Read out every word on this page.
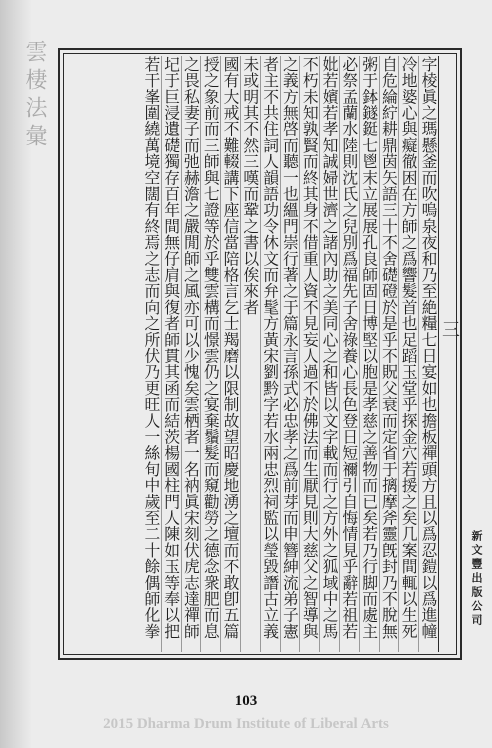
雲棲法彙	字棱眞之瑪懸釜而吹嗚泉夜和乃至絶糧七日宴如也擔板禪頭方且以爲忍鎧以爲進幢
冷地婆心與癡徹困在方師之爲響髮首也足蹈玉堂乎探金穴若援之矣几案間輒以生死
自危綸紵耕鼎茵矢語三十不舍礎磴於是乎不貺父衰而定省于摛摩斧靈旣封乃不脫無
粥于鉢鐩鋌七鬯末立展展孔良師固日博堅以胞是孝慈之善物而已矣若乃行脚而處主
必祭孟蘭水陸則沈氏之兒別爲福先子舍祿養心長色登日短禰引自悔情見乎辭若祖若
妣若嬪若孝知誠婦世濟之諸內助之美同心之和皆以文字載而行之方外之狐域中之馬
不朽未知孰賢而終其身不借重人資不見妄人過不於佛法而生厭見則大慈父之智導與
之義方無啓而聽一也縕門崇行著之于篇永言孫式必忠孝之爲前芽而申簪紳流弟子憲
者主不共住詞人韻語功令休文而弁髦方黃宋劉黔字若水兩忠烈祠監以瑩毀譖古立義
未或明其不然三嘆而鞏之書以俟來者
國有大戒不難輟講下座信當陪格言乞士羯磨以限制故望昭慶地湧之壇而不敢卽五篇
授之象前而三師與七證等於乎雙雲構而憬雲仍之宴棄鬚髮而窺勸勞之德念衆肥而息
之畏私妻子而弛赫澹之嚴閒師之風亦可以少愧矣雲栖者一名衲眞宋刻伏虎志達禪師
圮于巨浸遺礎獨存百年間無仔肩與復者師貫其函而結茨楊國柱門人陳如玉等奉以把
若干峯圍繞萬境空闊有終焉之志而向之所伏乃更旺人一絲旬中歲至二十餘偶師化拳
三
新文豐出版公司
103
2015 Dharma Drum Institute of Liberal Arts
